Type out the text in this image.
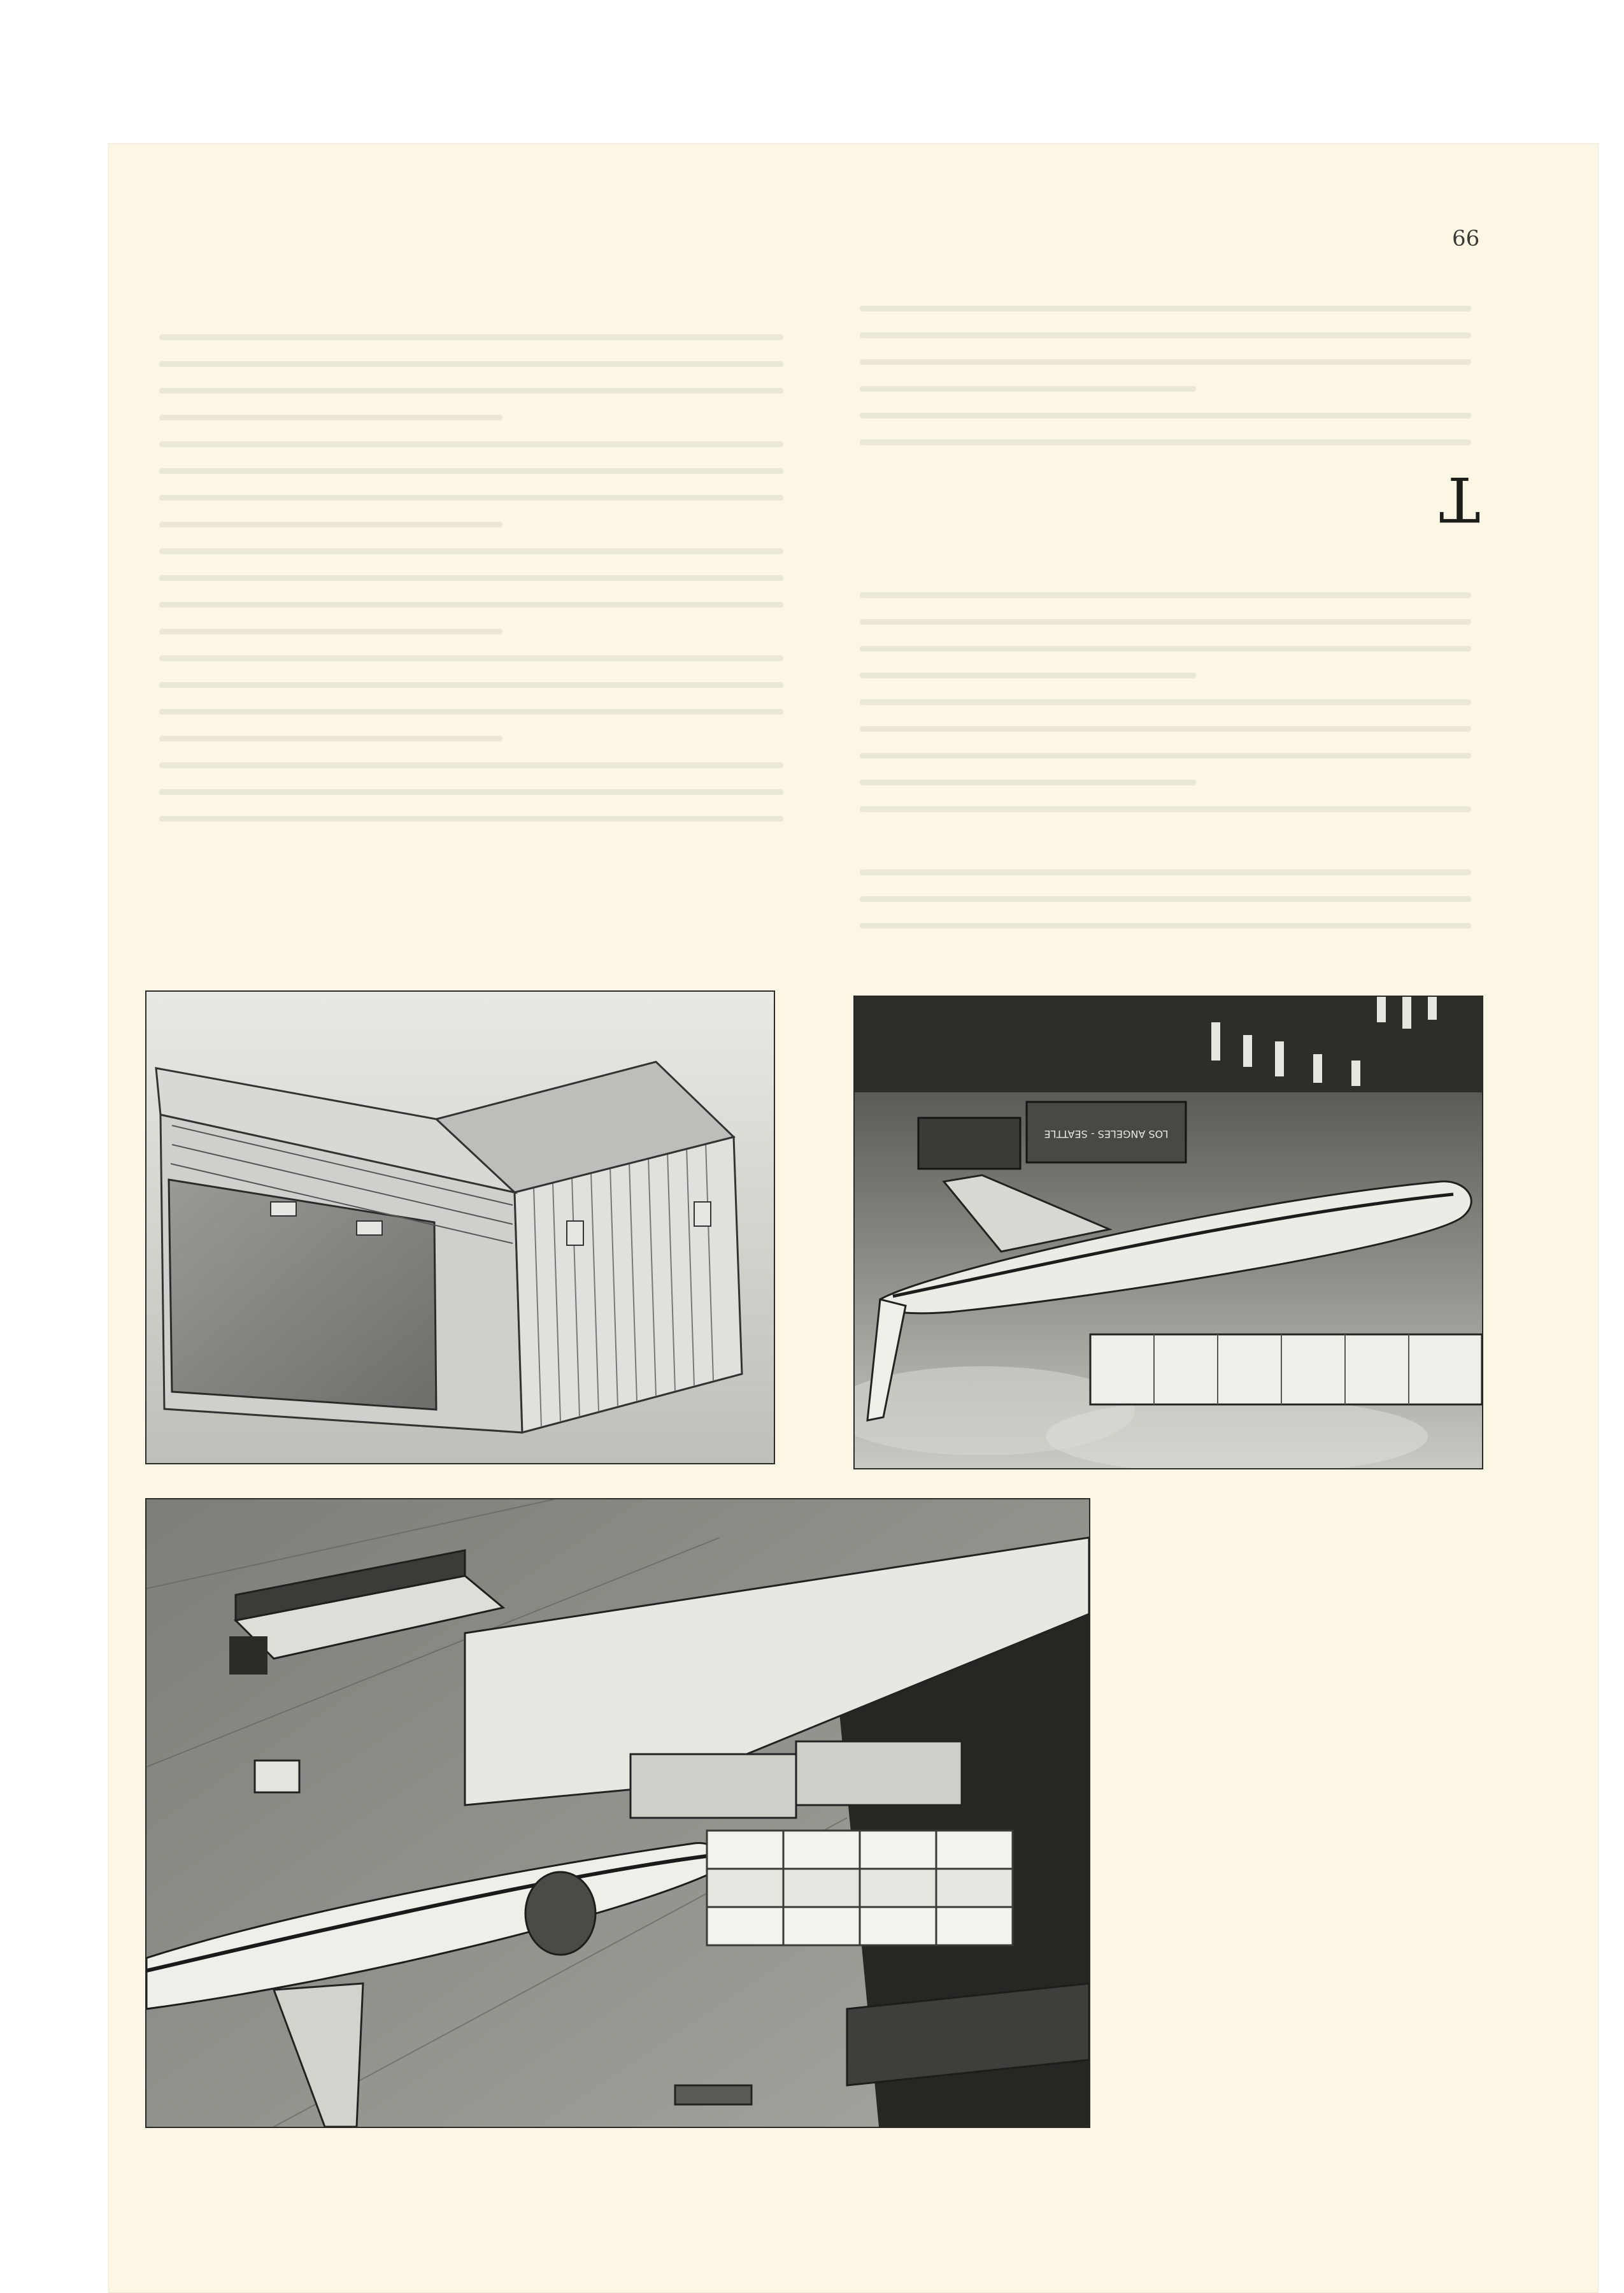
99
T
LOS ANGELES - SEATTLE
